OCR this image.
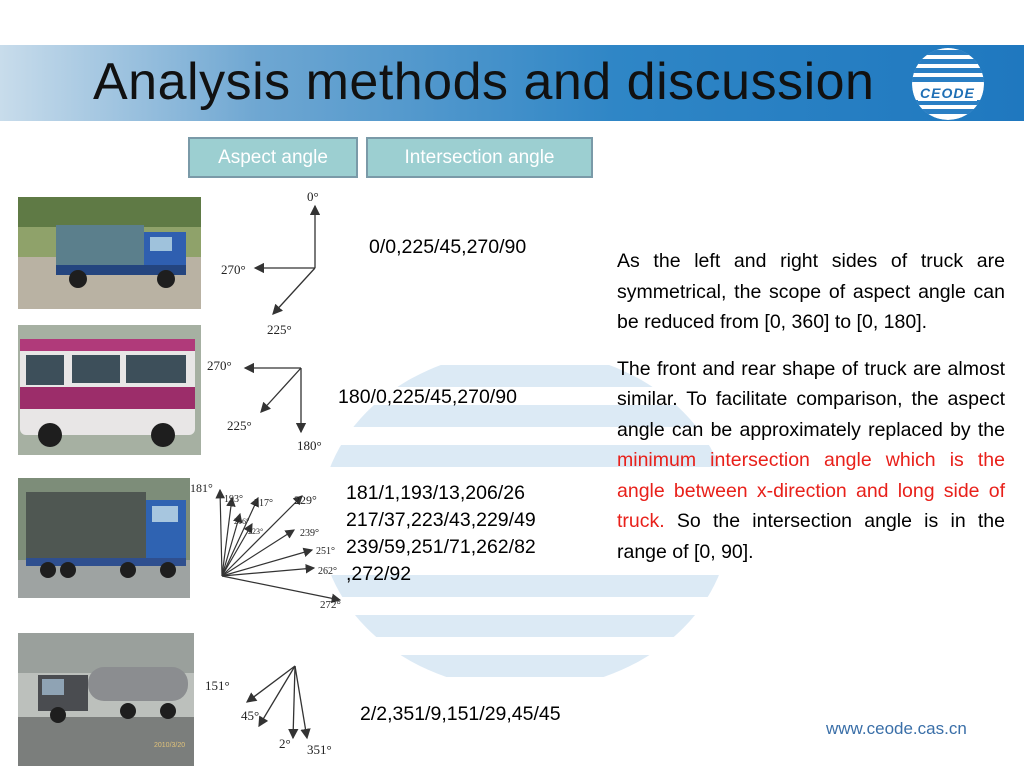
Analysis methods and discussion	CEODE
Aspect angle	Intersection angle
0°
270°
225°
0/0,225/45,270/90
270°
225°
180°
180/0,225/45,270/90
181°
193°
206°
217°
223°
229°
239°
251°
262°
272°
181/1,193/13,206/26
217/37,223/43,229/49
239/59,251/71,262/82
,272/92
2010/3/20
151°
45°
2° 351°
2/2,351/9,151/29,45/45

As the left and right sides of truck are symmetrical, the scope of aspect angle can be reduced from [0, 360] to [0, 180].

The front and rear shape of truck are almost similar. To facilitate comparison, the aspect angle can be approximately replaced by the minimum intersection angle which is the angle between x-direction and long side of truck. So the intersection angle is in the range of [0, 90].

www.ceode.cas.cn
